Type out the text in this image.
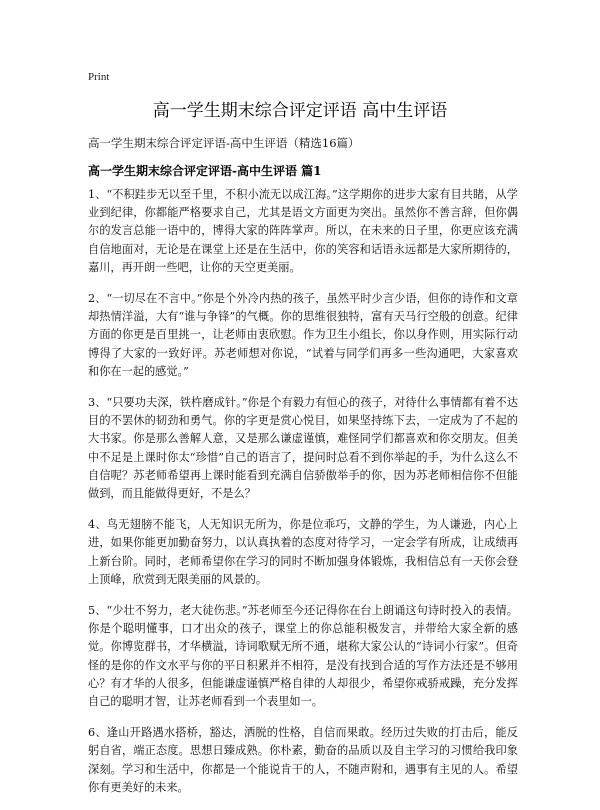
Print
高一学生期末综合评定评语 高中生评语
高一学生期末综合评定评语-高中生评语（精选16篇）
高一学生期末综合评定评语-高中生评语 篇1

1、“不积跬步无以至千里，不积小流无以成江海。”这学期你的进步大家有目共睹，从学业到纪律，你都能严格要求自己，尤其是语文方面更为突出。虽然你不善言辞，但你偶尔的发言总能一语中的，博得大家的阵阵掌声。所以，在未来的日子里，你更应该充满自信地面对，无论是在课堂上还是在生活中，你的笑容和话语永远都是大家所期待的，嘉川，再开朗一些吧，让你的天空更美丽。

2、“一切尽在不言中。”你是个外冷内热的孩子，虽然平时少言少语，但你的诗作和文章却热情洋溢，大有“谁与争锋”的气概。你的思维很独特，富有天马行空般的创意。纪律方面的你更是百里挑一，让老师由衷欣慰。作为卫生小组长，你以身作则，用实际行动博得了大家的一致好评。苏老师想对你说，“试着与同学们再多一些沟通吧，大家喜欢和你在一起的感觉。”

3、“只要功夫深，铁杵磨成针。”你是个有毅力有恒心的孩子，对待什么事情都有着不达目的不罢休的韧劲和勇气。你的字更是赏心悦目，如果坚持练下去，一定成为了不起的大书家。你是那么善解人意，又是那么谦虚谨慎，难怪同学们都喜欢和你交朋友。但美中不足是上课时你太“珍惜”自己的语言了，提问时总看不到你举起的手，为什么这么不自信呢？苏老师希望再上课时能看到充满自信骄傲举手的你，因为苏老师相信你不但能做到，而且能做得更好，不是么？

4、鸟无翅膀不能飞，人无知识无所为，你是位乖巧，文静的学生，为人谦逊，内心上进，如果你能更加勤奋努力，以认真执着的态度对待学习，一定会学有所成，让成绩再上新台阶。同时，老师希望你在学习的同时不断加强身体锻炼，我相信总有一天你会登上顶峰，欣赏到无限美丽的风景的。

5、“少壮不努力，老大徒伤悲。”苏老师至今还记得你在台上朗诵这句诗时投入的表情。你是个聪明懂事，口才出众的孩子，课堂上的你总能积极发言，并带给大家全新的感觉。你博览群书，才华横溢，诗词歌赋无所不通，堪称大家公认的“诗词小行家”。但奇怪的是你的作文水平与你的平日积累并不相符，是没有找到合适的写作方法还是不够用心？有才华的人很多，但能谦虚谨慎严格自律的人却很少，希望你戒骄戒躁，充分发挥自己的聪明才智，让苏老师看到一个表里如一。

6、逢山开路遇水搭桥，豁达，洒脱的性格，自信而果敢。经历过失败的打击后，能反躬自省，端正态度。思想日臻成熟。你朴素，勤奋的品质以及自主学习的习惯给我印象深刻。学习和生活中，你都是一个能说肯干的人，不随声附和，遇事有主见的人。希望你有更美好的未来。
